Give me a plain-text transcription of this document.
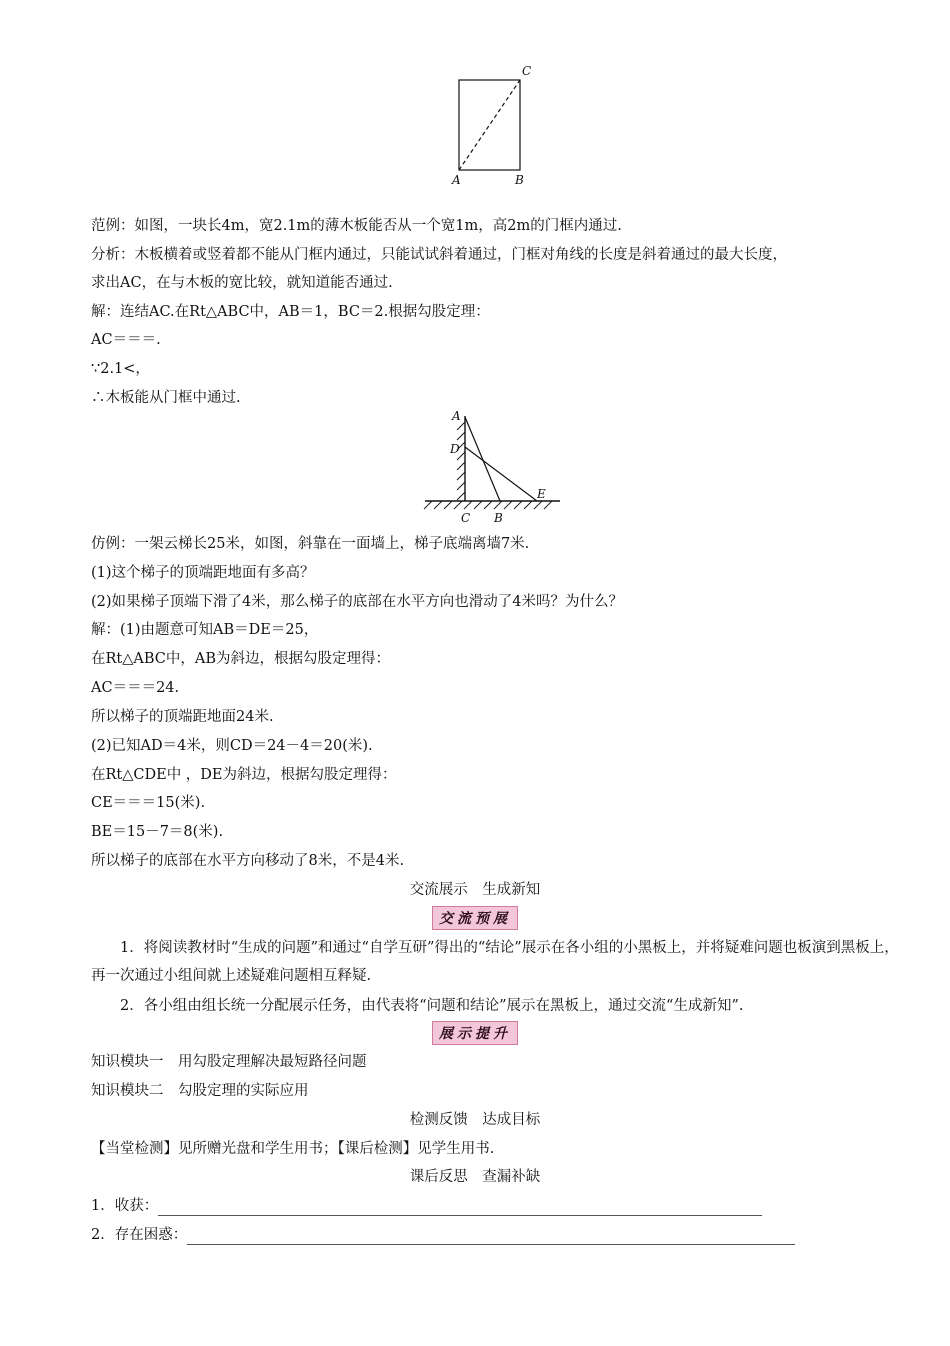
C
A	B
范例：如图，一块长4m，宽2.1m的薄木板能否从一个宽1m，高2m的门框内通过.
分析：木板横着或竖着都不能从门框内通过，只能试试斜着通过，门框对角线的长度是斜着通过的最大长度，
求出AC，在与木板的宽比较，就知道能否通过.
解：连结AC.在Rt△ABC中，AB＝1，BC＝2.根据勾股定理：
AC＝＝＝.
∵2.1<，
∴木板能从门框中通过.
A
D
C B
E
仿例：一架云梯长25米，如图，斜靠在一面墙上，梯子底端离墙7米.
(1)这个梯子的顶端距地面有多高？
(2)如果梯子顶端下滑了4米，那么梯子的底部在水平方向也滑动了4米吗？为什么？
解：(1)由题意可知AB＝DE＝25，
在Rt△ABC中，AB为斜边，根据勾股定理得：
AC＝＝＝24.
所以梯子的顶端距地面24米.
(2)已知AD＝4米，则CD＝24－4＝20(米).
在Rt△CDE中 ，DE为斜边，根据勾股定理得：
CE＝＝＝15(米).
BE＝15－7＝8(米).
所以梯子的底部在水平方向移动了8米，不是4米.
交流展示　生成新知
交流预展
1．将阅读教材时“生成的问题”和通过“自学互研”得出的“结论”展示在各小组的小黑板上，并将疑难问题也板演到黑板上，再一次通过小组间就上述疑难问题相互释疑.
2．各小组由组长统一分配展示任务，由代表将“问题和结论”展示在黑板上，通过交流“生成新知”.
展示提升
知识模块一　用勾股定理解决最短路径问题
知识模块二　勾股定理的实际应用
检测反馈　达成目标
【当堂检测】见所赠光盘和学生用书；【课后检测】见学生用书.
课后反思　查漏补缺
1．收获：
2．存在困惑：
